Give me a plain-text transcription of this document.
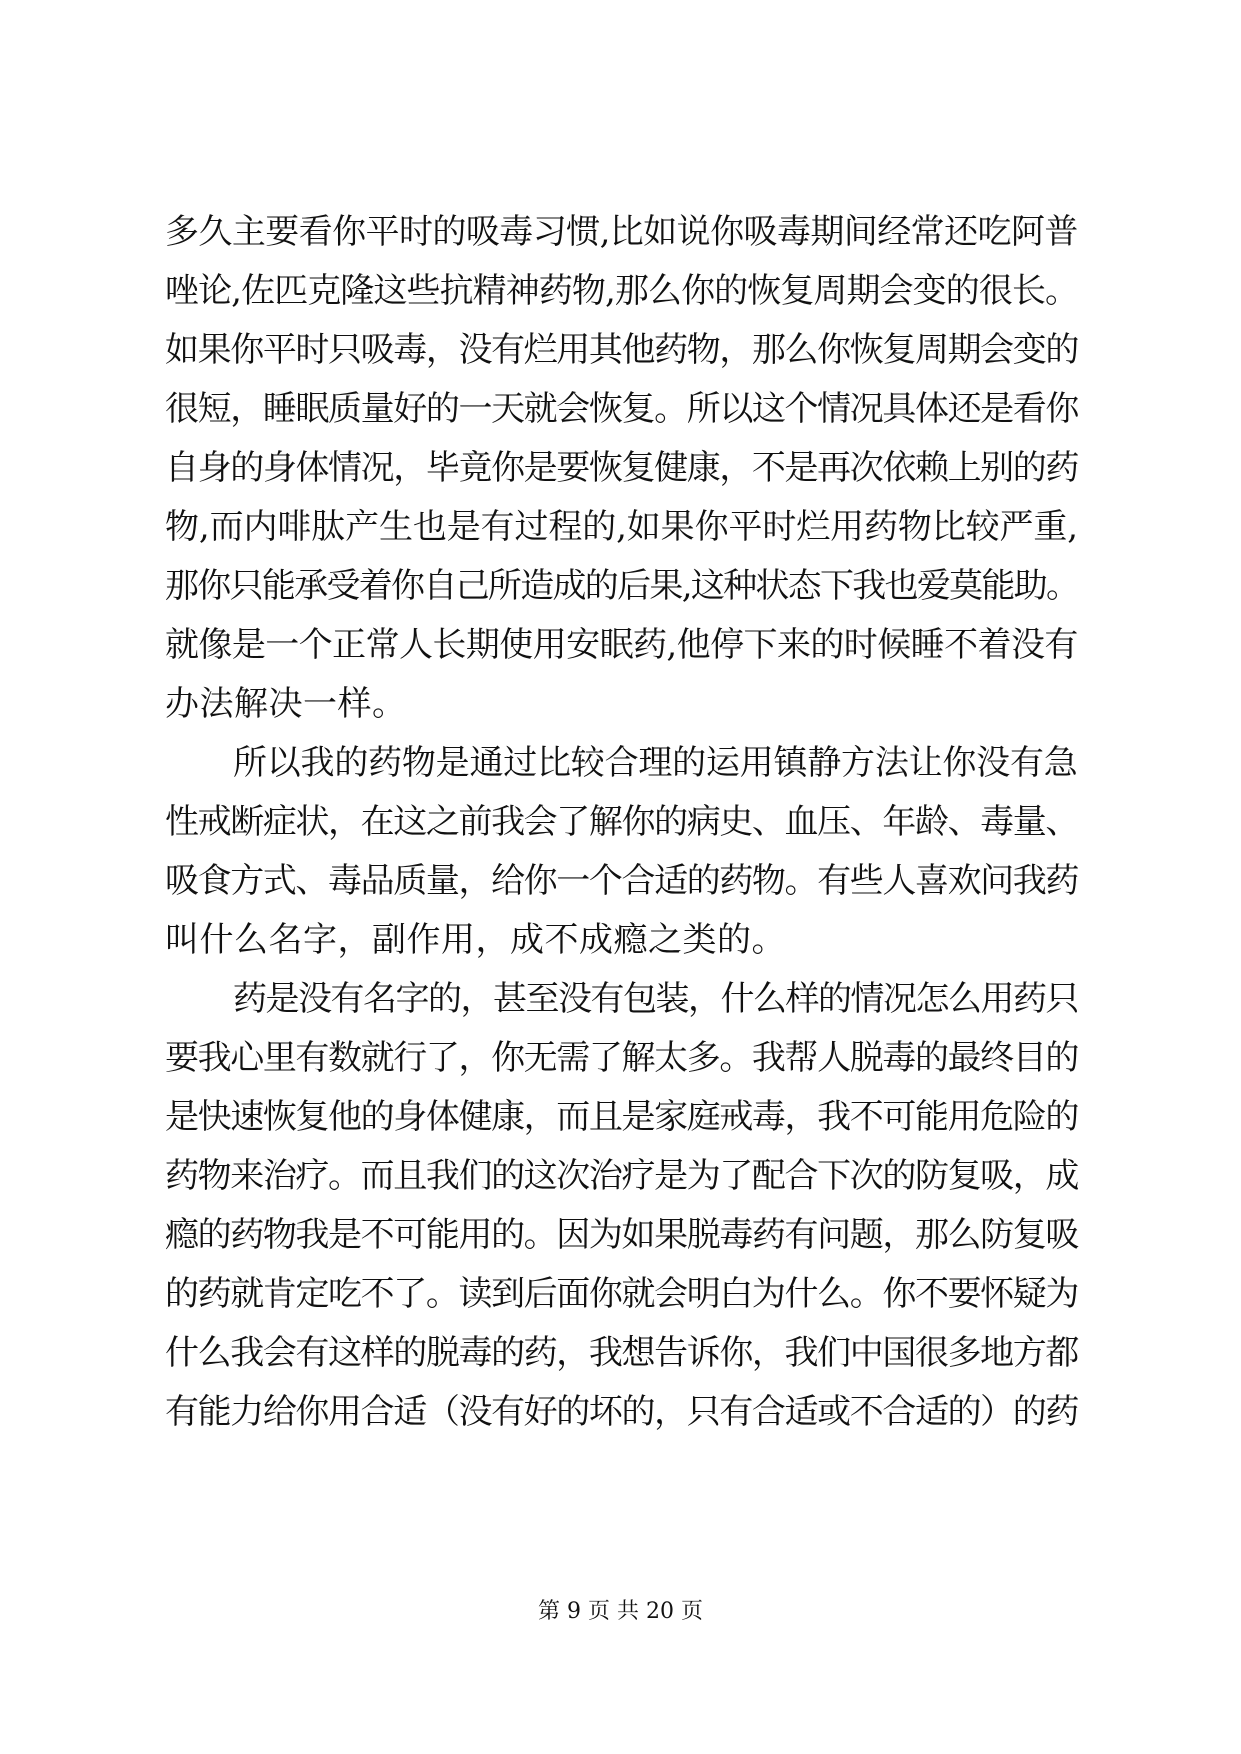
多久主要看你平时的吸毒习惯,比如说你吸毒期间经常还吃阿普
唑论,佐匹克隆这些抗精神药物,那么你的恢复周期会变的很长。
如果你平时只吸毒，没有烂用其他药物，那么你恢复周期会变的
很短，睡眠质量好的一天就会恢复。所以这个情况具体还是看你
自身的身体情况，毕竟你是要恢复健康，不是再次依赖上别的药
物,而内啡肽产生也是有过程的,如果你平时烂用药物比较严重,
那你只能承受着你自己所造成的后果,这种状态下我也爱莫能助。
就像是一个正常人长期使用安眠药,他停下来的时候睡不着没有
办法解决一样。
所以我的药物是通过比较合理的运用镇静方法让你没有急
性戒断症状，在这之前我会了解你的病史、血压、年龄、毒量、
吸食方式、毒品质量，给你一个合适的药物。有些人喜欢问我药
叫什么名字，副作用，成不成瘾之类的。
药是没有名字的，甚至没有包装，什么样的情况怎么用药只
要我心里有数就行了，你无需了解太多。我帮人脱毒的最终目的
是快速恢复他的身体健康，而且是家庭戒毒，我不可能用危险的
药物来治疗。而且我们的这次治疗是为了配合下次的防复吸，成
瘾的药物我是不可能用的。因为如果脱毒药有问题，那么防复吸
的药就肯定吃不了。读到后面你就会明白为什么。你不要怀疑为
什么我会有这样的脱毒的药，我想告诉你，我们中国很多地方都
有能力给你用合适（没有好的坏的，只有合适或不合适的）的药
第 9 页 共 20 页
